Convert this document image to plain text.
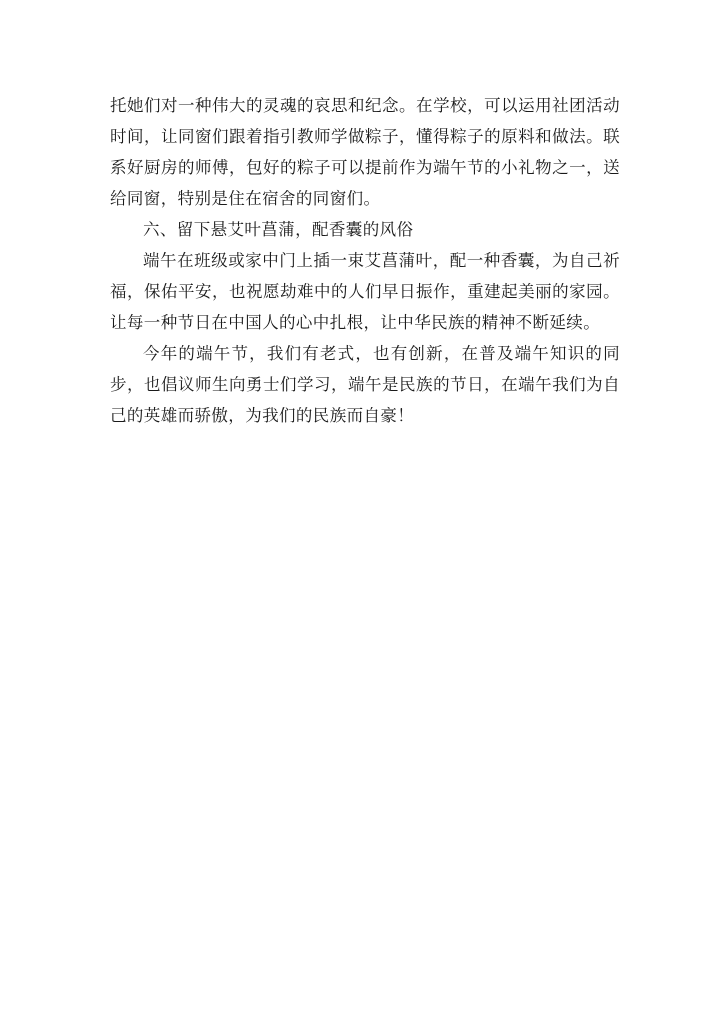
托她们对一种伟大的灵魂的哀思和纪念。在学校，可以运用社团活动时间，让同窗们跟着指引教师学做粽子，懂得粽子的原料和做法。联系好厨房的师傅，包好的粽子可以提前作为端午节的小礼物之一，送给同窗，特别是住在宿舍的同窗们。

六、留下悬艾叶菖蒲，配香囊的风俗

端午在班级或家中门上插一束艾菖蒲叶，配一种香囊，为自己祈福，保佑平安，也祝愿劫难中的人们早日振作，重建起美丽的家园。让每一种节日在中国人的心中扎根，让中华民族的精神不断延续。

今年的端午节，我们有老式，也有创新，在普及端午知识的同步，也倡议师生向勇士们学习，端午是民族的节日，在端午我们为自己的英雄而骄傲，为我们的民族而自豪！
